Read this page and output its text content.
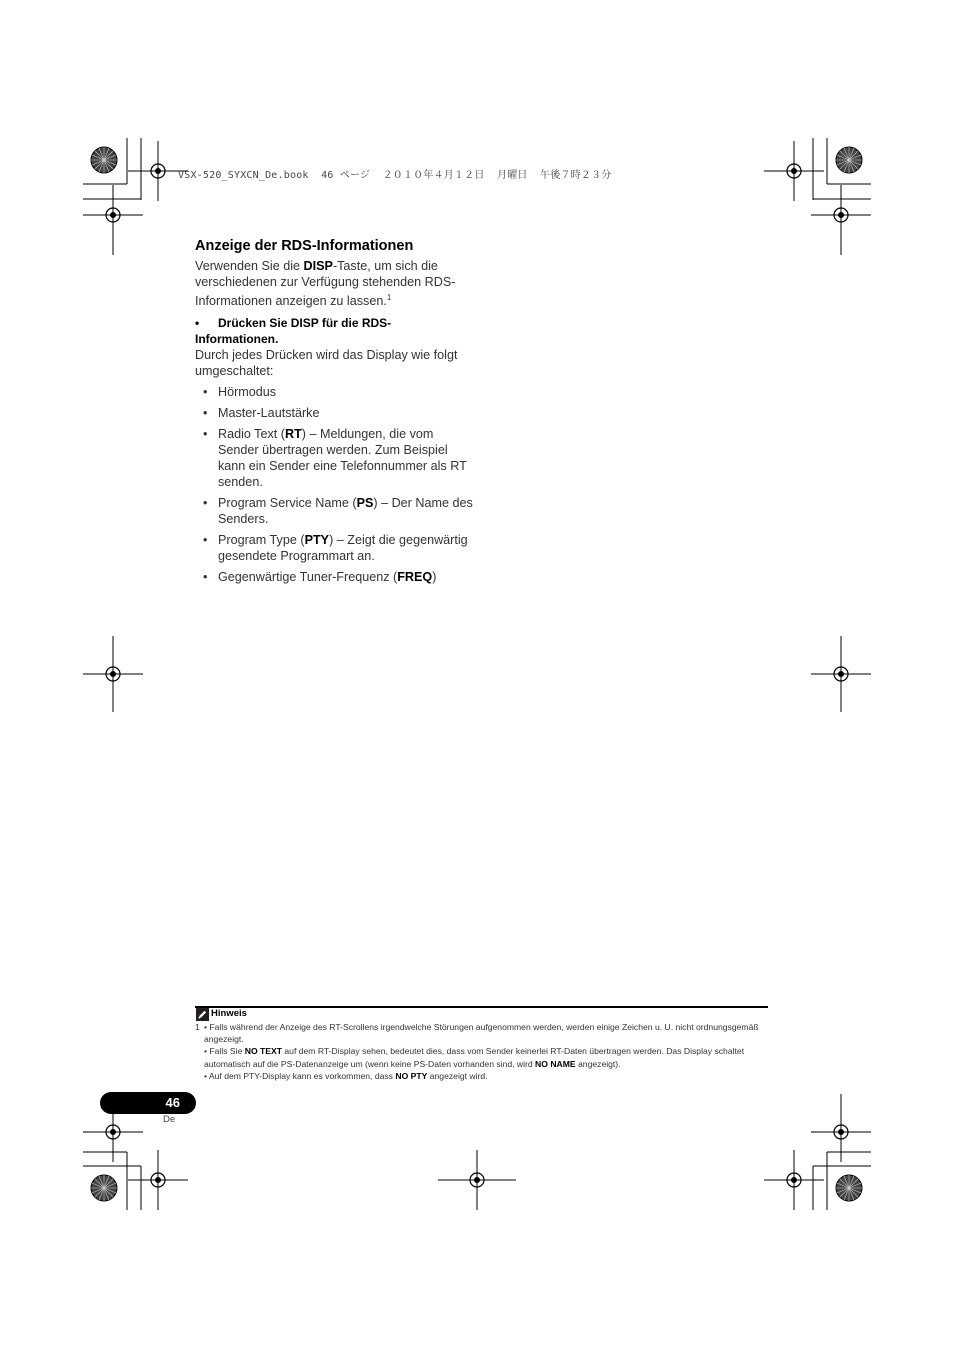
VSX-520_SYXCN_De.book  46 ページ  ２０１０年４月１２日  月曜日  午後７時２３分
Anzeige der RDS-Informationen
Verwenden Sie die DISP-Taste, um sich die verschiedenen zur Verfügung stehenden RDS-Informationen anzeigen zu lassen.$^1$
• Drücken Sie DISP für die RDS-Informationen.
Durch jedes Drücken wird das Display wie folgt umgeschaltet:
• Hörmodus
• Master-Lautstärke
• Radio Text (RT) – Meldungen, die vom Sender übertragen werden. Zum Beispiel kann ein Sender eine Telefonnummer als RT senden.
• Program Service Name (PS) – Der Name des Senders.
• Program Type (PTY) – Zeigt die gegenwärtig gesendete Programmart an.
• Gegenwärtige Tuner-Frequenz (FREQ)
Hinweis
1 • Falls während der Anzeige des RT-Scrollens irgendwelche Störungen aufgenommen werden, werden einige Zeichen u. U. nicht ordnungsgemäß angezeigt.
• Falls Sie NO TEXT auf dem RT-Display sehen, bedeutet dies, dass vom Sender keinerlei RT-Daten übertragen werden. Das Display schaltet automatisch auf die PS-Datenanzeige um (wenn keine PS-Daten vorhanden sind, wird NO NAME angezeigt).
• Auf dem PTY-Display kann es vorkommen, dass NO PTY angezeigt wird.
46
De
